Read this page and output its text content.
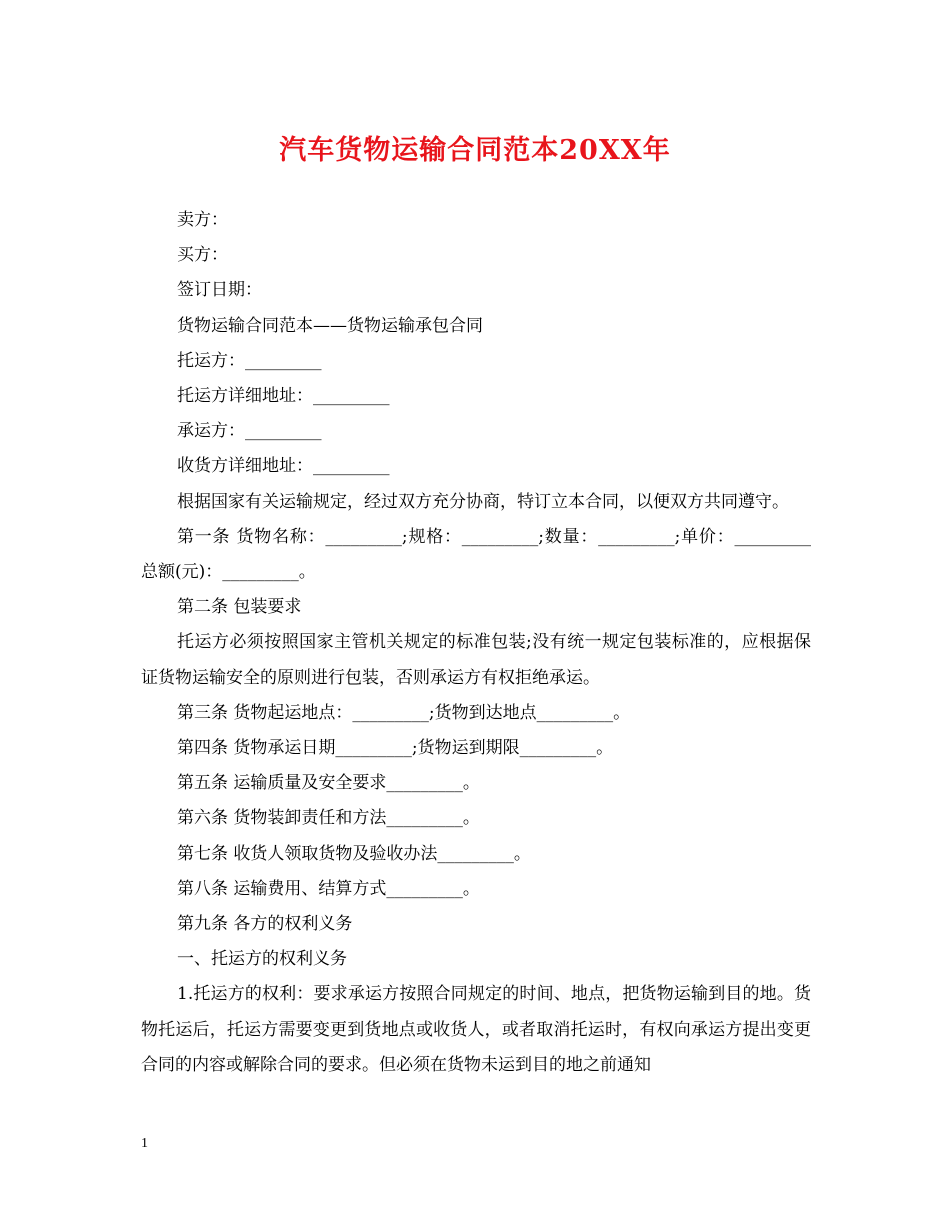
汽车货物运输合同范本20XX年

卖方：

买方：

签订日期：

货物运输合同范本——货物运输承包合同

托运方：_________

托运方详细地址：_________

承运方：_________

收货方详细地址：_________

根据国家有关运输规定，经过双方充分协商，特订立本合同，以便双方共同遵守。

第一条 货物名称：_________;规格：_________;数量：_________;单价：_________总额(元)：_________。

第二条 包装要求

托运方必须按照国家主管机关规定的标准包装;没有统一规定包装标准的，应根据保证货物运输安全的原则进行包装，否则承运方有权拒绝承运。

第三条 货物起运地点：_________;货物到达地点_________。

第四条 货物承运日期_________;货物运到期限_________。

第五条 运输质量及安全要求_________。

第六条 货物装卸责任和方法_________。

第七条 收货人领取货物及验收办法_________。

第八条 运输费用、结算方式_________。

第九条 各方的权利义务

一、托运方的权利义务

1.托运方的权利：要求承运方按照合同规定的时间、地点，把货物运输到目的地。货物托运后，托运方需要变更到货地点或收货人，或者取消托运时，有权向承运方提出变更合同的内容或解除合同的要求。但必须在货物未运到目的地之前通知

1
